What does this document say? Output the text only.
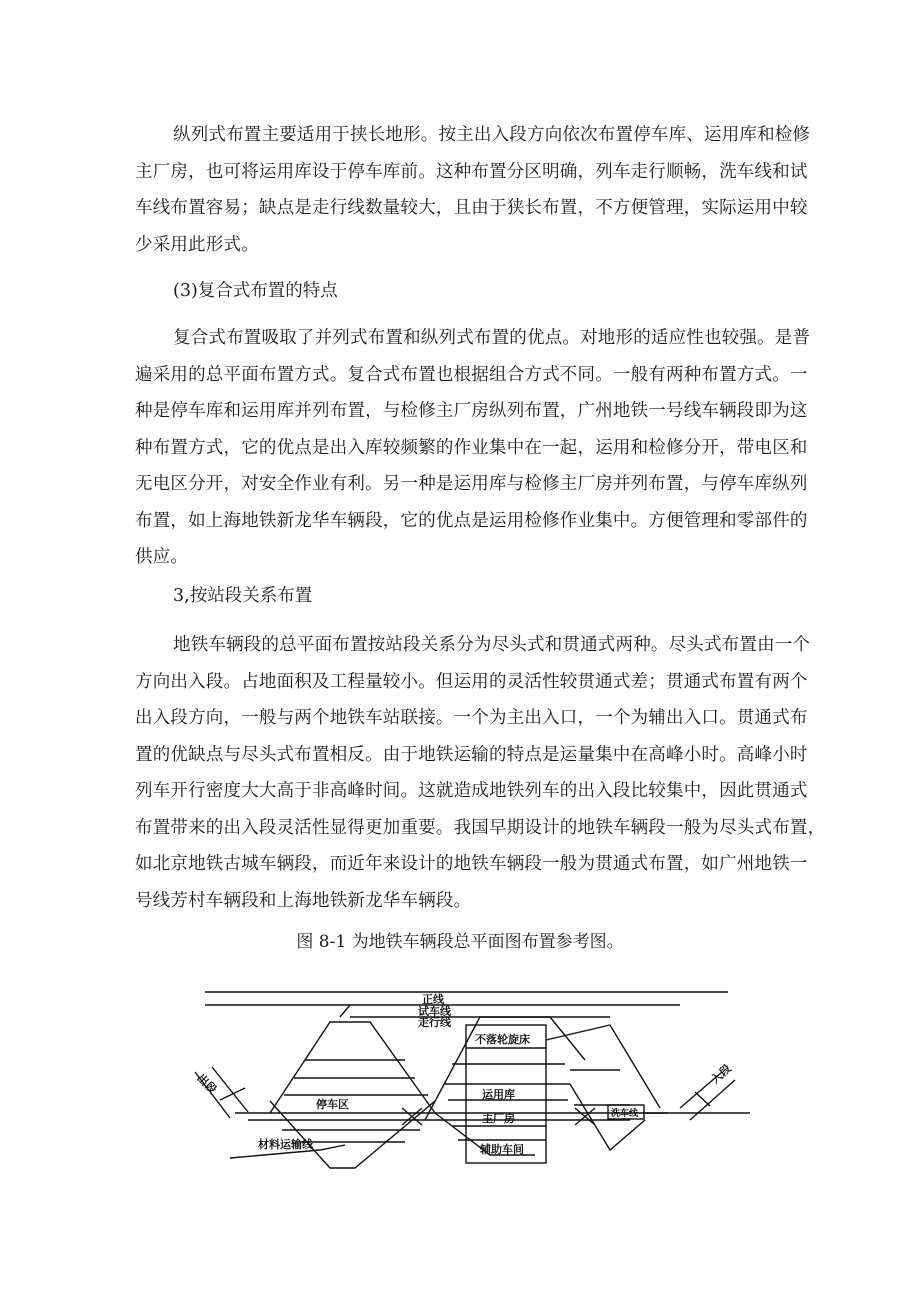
纵列式布置主要适用于挟长地形。按主出入段方向依次布置停车库、运用库和检修
主厂房，也可将运用库设于停车库前。这种布置分区明确，列车走行顺畅，洗车线和试
车线布置容易；缺点是走行线数量较大，且由于狭长布置，不方便管理，实际运用中较
少采用此形式。

(3)复合式布置的特点

复合式布置吸取了并列式布置和纵列式布置的优点。对地形的适应性也较强。是普
遍采用的总平面布置方式。复合式布置也根据组合方式不同。一般有两种布置方式。一
种是停车库和运用库并列布置，与检修主厂房纵列布置，广州地铁一号线车辆段即为这
种布置方式，它的优点是出入库较频繁的作业集中在一起，运用和检修分开，带电区和
无电区分开，对安全作业有利。另一种是运用库与检修主厂房并列布置，与停车库纵列
布置，如上海地铁新龙华车辆段，它的优点是运用检修作业集中。方便管理和零部件的
供应。

3,按站段关系布置

地铁车辆段的总平面布置按站段关系分为尽头式和贯通式两种。尽头式布置由一个
方向出入段。占地面积及工程量较小。但运用的灵活性较贯通式差；贯通式布置有两个
出入段方向，一般与两个地铁车站联接。一个为主出入口，一个为辅出入口。贯通式布
置的优缺点与尽头式布置相反。由于地铁运输的特点是运量集中在高峰小时。高峰小时
列车开行密度大大高于非高峰时间。这就造成地铁列车的出入段比较集中，因此贯通式
布置带来的出入段灵活性显得更加重要。我国早期设计的地铁车辆段一般为尽头式布置，
如北京地铁古城车辆段，而近年来设计的地铁车辆段一般为贯通式布置，如广州地铁一
号线芳村车辆段和上海地铁新龙华车辆段。

图 8-1 为地铁车辆段总平面图布置参考图。

正线
试车线
走行线
出段
停车区
不落轮旋床
运用库
主厂房
辅助车间
材料运输线
洗车线
入段
